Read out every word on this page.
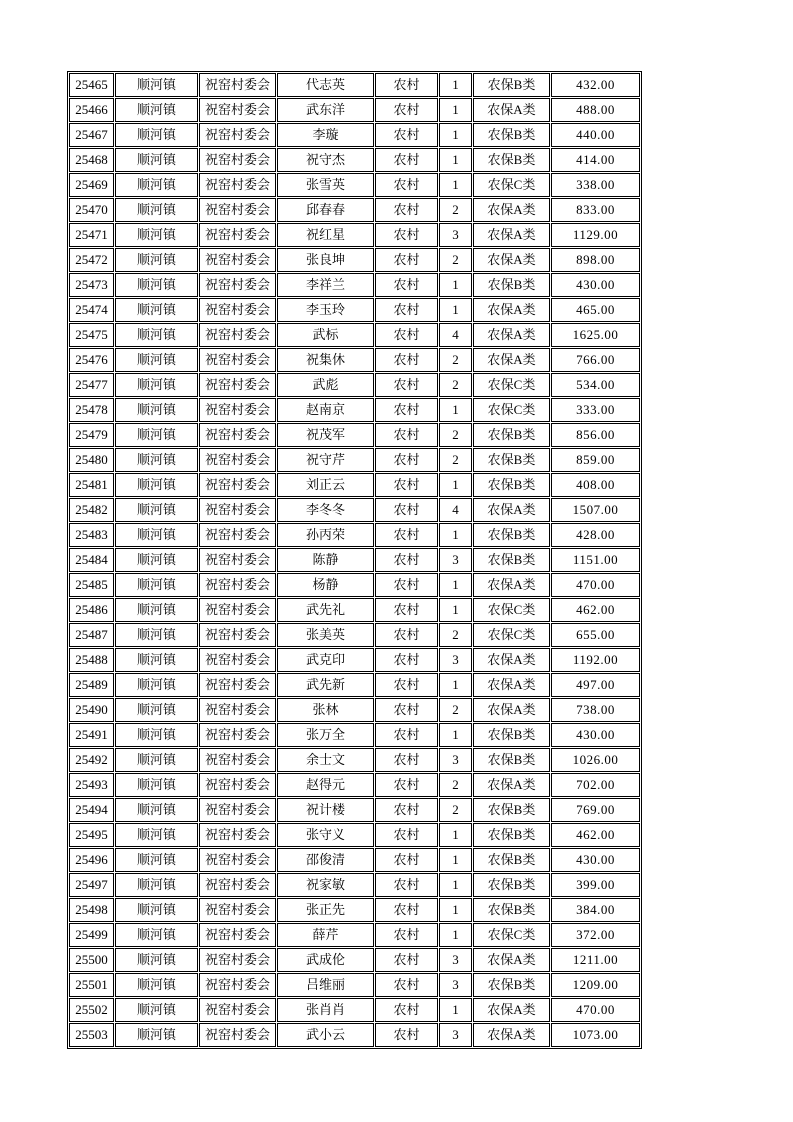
25465	顺河镇	祝窑村委会	代志英	农村	1	农保B类	432.00
25466	顺河镇	祝窑村委会	武东洋	农村	1	农保A类	488.00
25467	顺河镇	祝窑村委会	李璇	农村	1	农保B类	440.00
25468	顺河镇	祝窑村委会	祝守杰	农村	1	农保B类	414.00
25469	顺河镇	祝窑村委会	张雪英	农村	1	农保C类	338.00
25470	顺河镇	祝窑村委会	邱春春	农村	2	农保A类	833.00
25471	顺河镇	祝窑村委会	祝红星	农村	3	农保A类	1129.00
25472	顺河镇	祝窑村委会	张良坤	农村	2	农保A类	898.00
25473	顺河镇	祝窑村委会	李祥兰	农村	1	农保B类	430.00
25474	顺河镇	祝窑村委会	李玉玲	农村	1	农保A类	465.00
25475	顺河镇	祝窑村委会	武标	农村	4	农保A类	1625.00
25476	顺河镇	祝窑村委会	祝集休	农村	2	农保A类	766.00
25477	顺河镇	祝窑村委会	武彪	农村	2	农保C类	534.00
25478	顺河镇	祝窑村委会	赵南京	农村	1	农保C类	333.00
25479	顺河镇	祝窑村委会	祝茂军	农村	2	农保B类	856.00
25480	顺河镇	祝窑村委会	祝守芹	农村	2	农保B类	859.00
25481	顺河镇	祝窑村委会	刘正云	农村	1	农保B类	408.00
25482	顺河镇	祝窑村委会	李冬冬	农村	4	农保A类	1507.00
25483	顺河镇	祝窑村委会	孙丙荣	农村	1	农保B类	428.00
25484	顺河镇	祝窑村委会	陈静	农村	3	农保B类	1151.00
25485	顺河镇	祝窑村委会	杨静	农村	1	农保A类	470.00
25486	顺河镇	祝窑村委会	武先礼	农村	1	农保C类	462.00
25487	顺河镇	祝窑村委会	张美英	农村	2	农保C类	655.00
25488	顺河镇	祝窑村委会	武克印	农村	3	农保A类	1192.00
25489	顺河镇	祝窑村委会	武先新	农村	1	农保A类	497.00
25490	顺河镇	祝窑村委会	张林	农村	2	农保A类	738.00
25491	顺河镇	祝窑村委会	张万全	农村	1	农保B类	430.00
25492	顺河镇	祝窑村委会	余士文	农村	3	农保B类	1026.00
25493	顺河镇	祝窑村委会	赵得元	农村	2	农保A类	702.00
25494	顺河镇	祝窑村委会	祝计楼	农村	2	农保B类	769.00
25495	顺河镇	祝窑村委会	张守义	农村	1	农保B类	462.00
25496	顺河镇	祝窑村委会	邵俊清	农村	1	农保B类	430.00
25497	顺河镇	祝窑村委会	祝家敏	农村	1	农保B类	399.00
25498	顺河镇	祝窑村委会	张正先	农村	1	农保B类	384.00
25499	顺河镇	祝窑村委会	薛芹	农村	1	农保C类	372.00
25500	顺河镇	祝窑村委会	武成伦	农村	3	农保A类	1211.00
25501	顺河镇	祝窑村委会	吕维丽	农村	3	农保B类	1209.00
25502	顺河镇	祝窑村委会	张肖肖	农村	1	农保A类	470.00
25503	顺河镇	祝窑村委会	武小云	农村	3	农保A类	1073.00
